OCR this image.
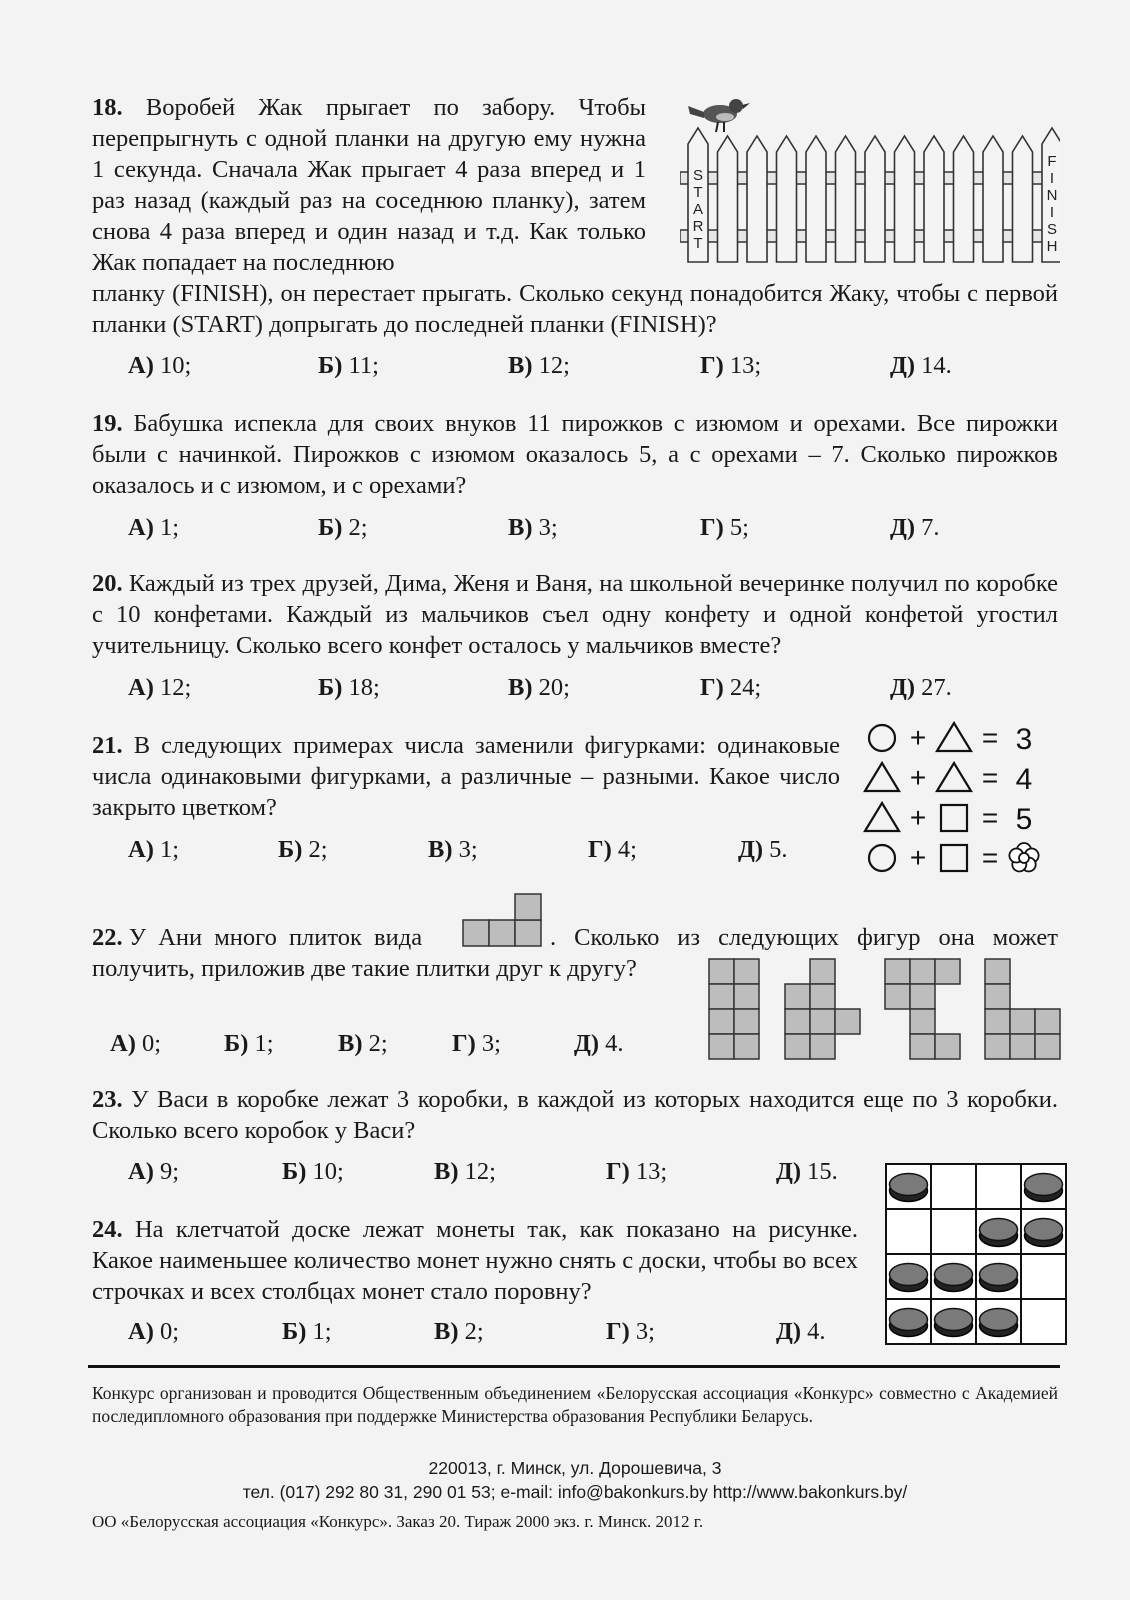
18. Воробей Жак прыгает по забору. Чтобы перепрыгнуть с одной планки на другую ему нужна 1 секунда. Сначала Жак прыгает 4 раза вперед и 1 раз назад (каждый раз на соседнюю планку), затем снова 4 раза вперед и один назад и т.д. Как только Жак попадает на последнюю
планку (FINISH), он перестает прыгать. Сколько секунд понадобится Жаку, чтобы с первой планки (START) допрыгать до последней планки (FINISH)?
S
T
A
R
T
F
I
N
I
S
H
А) 10;	Б) 11;	В) 12;	Г) 13;	Д) 14.
19. Бабушка испекла для своих внуков 11 пирожков с изюмом и орехами. Все пирожки были с начинкой. Пирожков с изюмом оказалось 5, а с орехами – 7. Сколько пирожков оказалось и с изюмом, и с орехами?
А) 1;	Б) 2;	В) 3;	Г) 5;	Д) 7.
20. Каждый из трех друзей, Дима, Женя и Ваня, на школьной вечеринке получил по коробке с 10 конфетами. Каждый из мальчиков съел одну конфету и одной конфетой угостил учительницу. Сколько всего конфет осталось у мальчиков вместе?
А) 12;	Б) 18;	В) 20;	Г) 24;	Д) 27.
21. В следующих примерах числа заменили фигурками: одинаковые числа одинаковыми фигурками, а различные – разными. Какое число закрыто цветком?
+ = 3
+ = 4
+ = 5
+ =
А) 1;	Б) 2;	В) 3;	Г) 4;	Д) 5.
22. У Ани много плиток вида	. Сколько из следующих фигур она может получить, приложив две такие плитки друг к другу?
А) 0;	Б) 1;	В) 2;	Г) 3;	Д) 4.
23. У Васи в коробке лежат 3 коробки, в каждой из которых находится еще по 3 коробки. Сколько всего коробок у Васи?
А) 9;	Б) 10;	В) 12;	Г) 13;	Д) 15.
24. На клетчатой доске лежат монеты так, как показано на рисунке. Какое наименьшее количество монет нужно снять с доски, чтобы во всех строчках и всех столбцах монет стало поровну?
А) 0;	Б) 1;	В) 2;	Г) 3;	Д) 4.
Конкурс организован и проводится Общественным объединением «Белорусская ассоциация «Конкурс» совместно с Академией последипломного образования при поддержке Министерства образования Республики Беларусь.
220013, г. Минск, ул. Дорошевича, 3
тел. (017) 292 80 31, 290 01 53; e-mail: info@bakonkurs.by http://www.bakonkurs.by/
ОО «Белорусская ассоциация «Конкурс». Заказ 20. Тираж 2000 экз. г. Минск. 2012 г.
